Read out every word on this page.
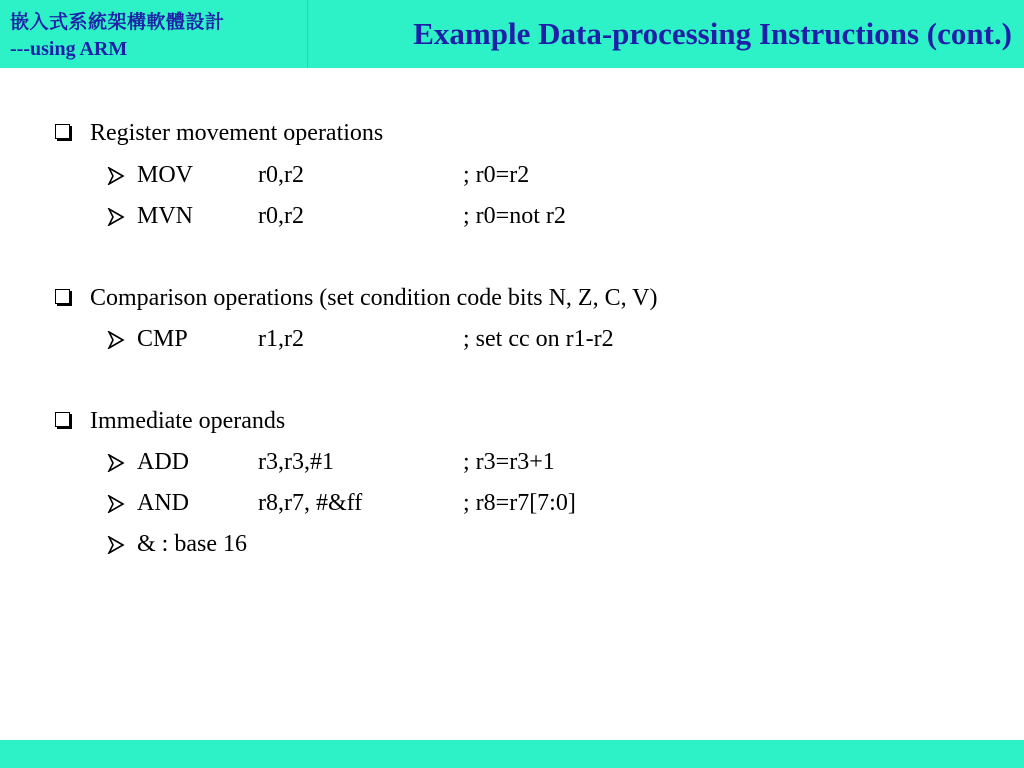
嵌入式系統架構軟體設計
---using ARM	Example Data-processing Instructions (cont.)
Register movement operations
MOV	r0,r2	; r0=r2
MVN	r0,r2	; r0=not r2
Comparison operations (set condition code bits N, Z, C, V)
CMP	r1,r2	; set cc on r1-r2
Immediate operands
ADD	r3,r3,#1	; r3=r3+1
AND	r8,r7, #&ff	; r8=r7[7:0]
& : base 16
